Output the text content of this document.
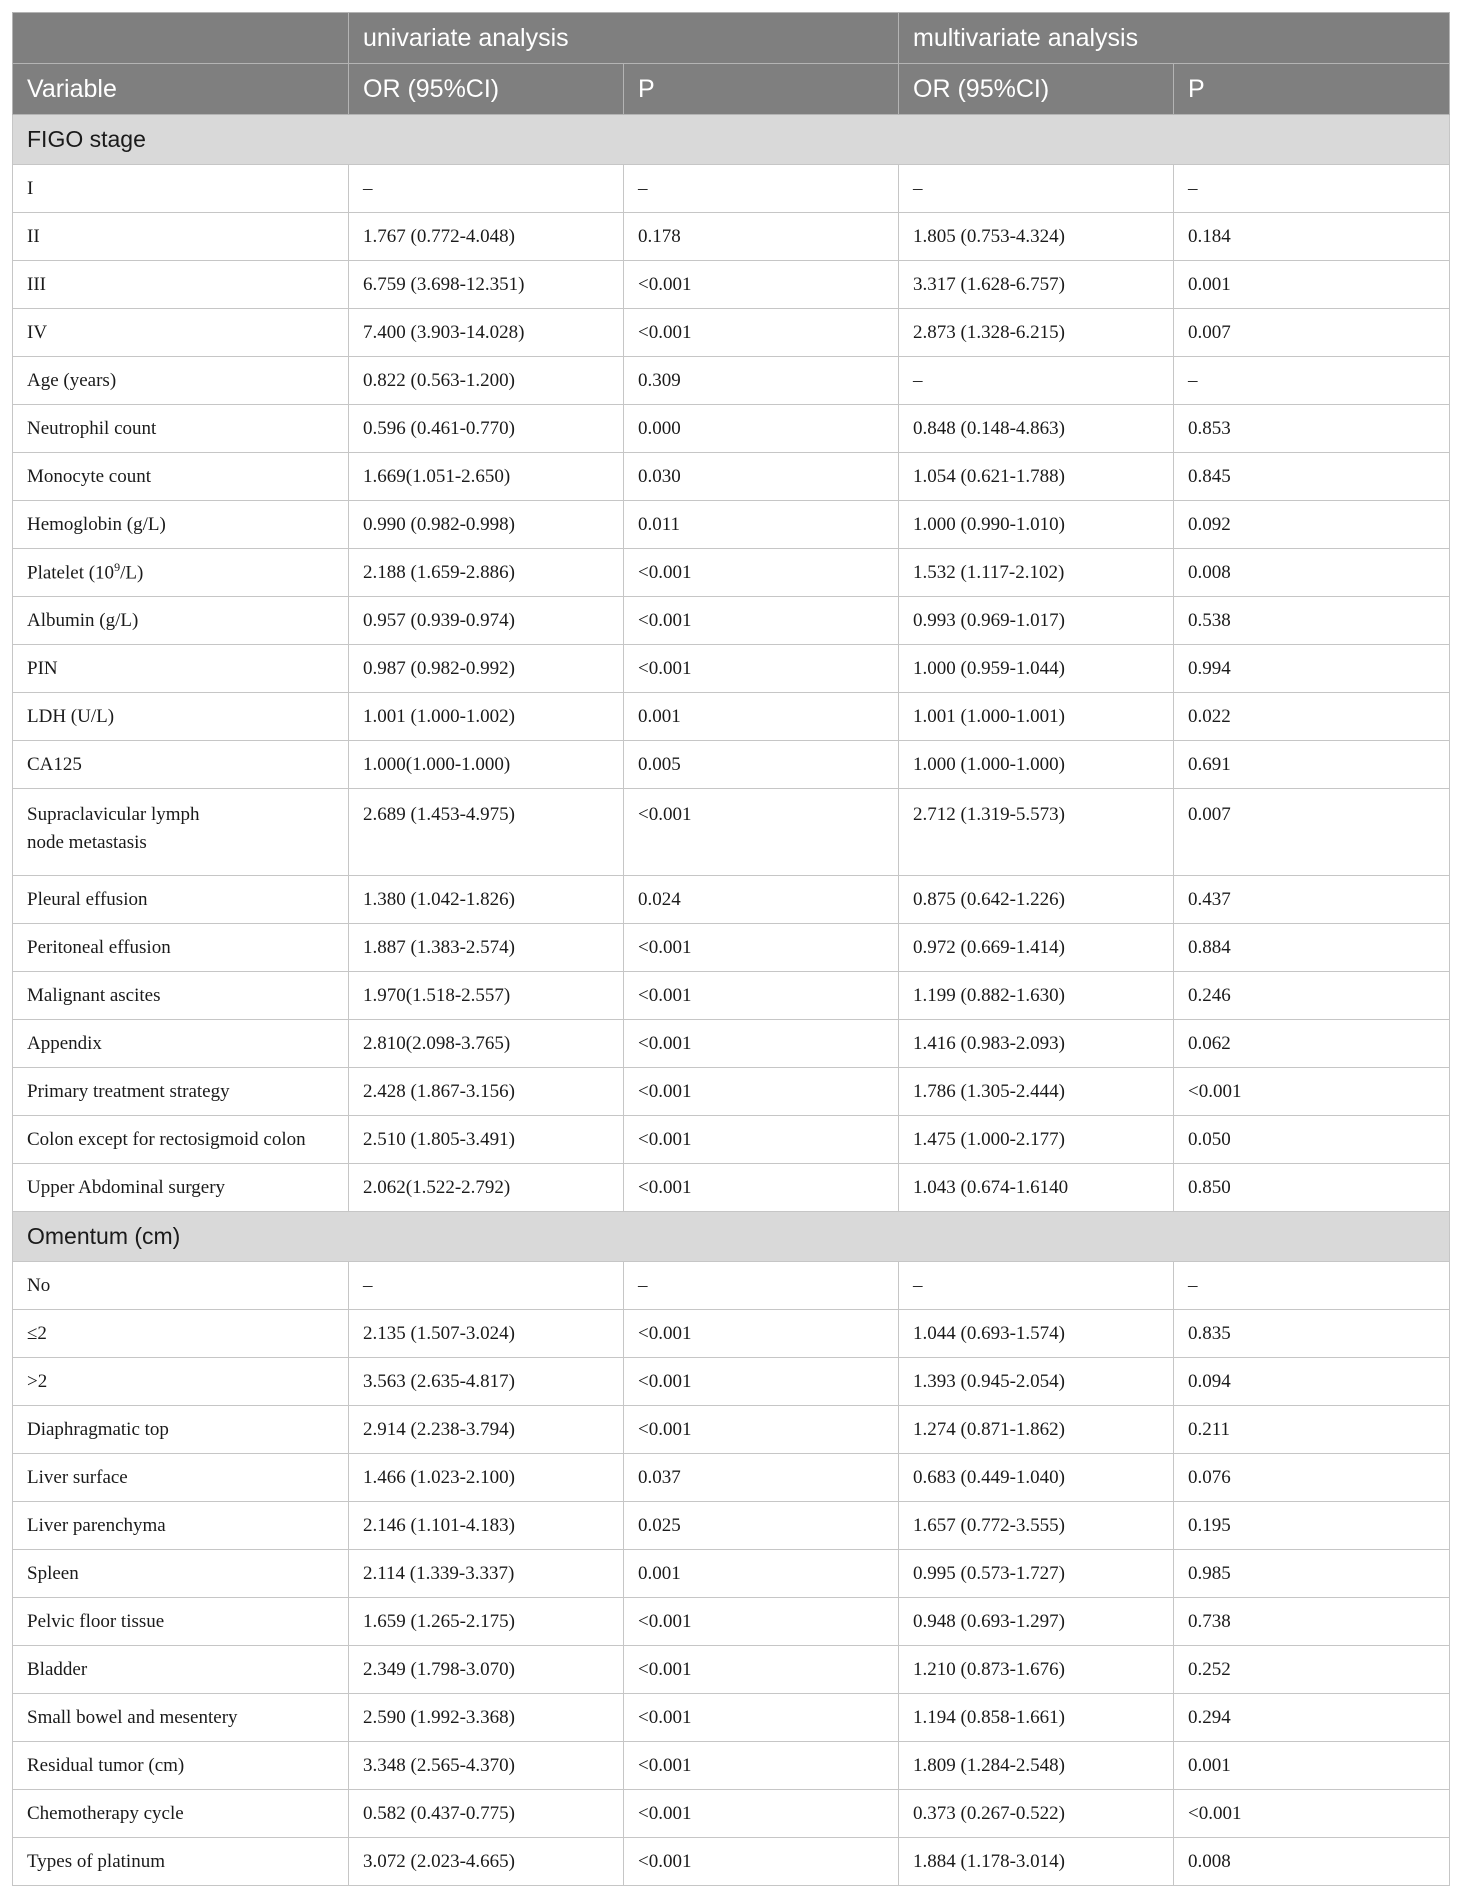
	univariate analysis		multivariate analysis	
Variable	OR (95%CI)	P	OR (95%CI)	P
FIGO stage				
I	–	–	–	–
II	1.767 (0.772-4.048)	0.178	1.805 (0.753-4.324)	0.184
III	6.759 (3.698-12.351)	<0.001	3.317 (1.628-6.757)	0.001
IV	7.400 (3.903-14.028)	<0.001	2.873 (1.328-6.215)	0.007
Age (years)	0.822 (0.563-1.200)	0.309	–	–
Neutrophil count	0.596 (0.461-0.770)	0.000	0.848 (0.148-4.863)	0.853
Monocyte count	1.669(1.051-2.650)	0.030	1.054 (0.621-1.788)	0.845
Hemoglobin (g/L)	0.990 (0.982-0.998)	0.011	1.000 (0.990-1.010)	0.092
Platelet $(10^9/L)$	2.188 (1.659-2.886)	<0.001	1.532 (1.117-2.102)	0.008
Albumin (g/L)	0.957 (0.939-0.974)	<0.001	0.993 (0.969-1.017)	0.538
PIN	0.987 (0.982-0.992)	<0.001	1.000 (0.959-1.044)	0.994
LDH (U/L)	1.001 (1.000-1.002)	0.001	1.001 (1.000-1.001)	0.022
CA125	1.000(1.000-1.000)	0.005	1.000 (1.000-1.000)	0.691
Supraclavicular lymph
node metastasis	2.689 (1.453-4.975)	<0.001	2.712 (1.319-5.573)	0.007
Pleural effusion	1.380 (1.042-1.826)	0.024	0.875 (0.642-1.226)	0.437
Peritoneal effusion	1.887 (1.383-2.574)	<0.001	0.972 (0.669-1.414)	0.884
Malignant ascites	1.970(1.518-2.557)	<0.001	1.199 (0.882-1.630)	0.246
Appendix	2.810(2.098-3.765)	<0.001	1.416 (0.983-2.093)	0.062
Primary treatment strategy	2.428 (1.867-3.156)	<0.001	1.786 (1.305-2.444)	<0.001
Colon except for rectosigmoid colon	2.510 (1.805-3.491)	<0.001	1.475 (1.000-2.177)	0.050
Upper Abdominal surgery	2.062(1.522-2.792)	<0.001	1.043 (0.674-1.6140	0.850
Omentum (cm)				
No	–	–	–	–
≤2	2.135 (1.507-3.024)	<0.001	1.044 (0.693-1.574)	0.835
>2	3.563 (2.635-4.817)	<0.001	1.393 (0.945-2.054)	0.094
Diaphragmatic top	2.914 (2.238-3.794)	<0.001	1.274 (0.871-1.862)	0.211
Liver surface	1.466 (1.023-2.100)	0.037	0.683 (0.449-1.040)	0.076
Liver parenchyma	2.146 (1.101-4.183)	0.025	1.657 (0.772-3.555)	0.195
Spleen	2.114 (1.339-3.337)	0.001	0.995 (0.573-1.727)	0.985
Pelvic floor tissue	1.659 (1.265-2.175)	<0.001	0.948 (0.693-1.297)	0.738
Bladder	2.349 (1.798-3.070)	<0.001	1.210 (0.873-1.676)	0.252
Small bowel and mesentery	2.590 (1.992-3.368)	<0.001	1.194 (0.858-1.661)	0.294
Residual tumor (cm)	3.348 (2.565-4.370)	<0.001	1.809 (1.284-2.548)	0.001
Chemotherapy cycle	0.582 (0.437-0.775)	<0.001	0.373 (0.267-0.522)	<0.001
Types of platinum	3.072 (2.023-4.665)	<0.001	1.884 (1.178-3.014)	0.008
